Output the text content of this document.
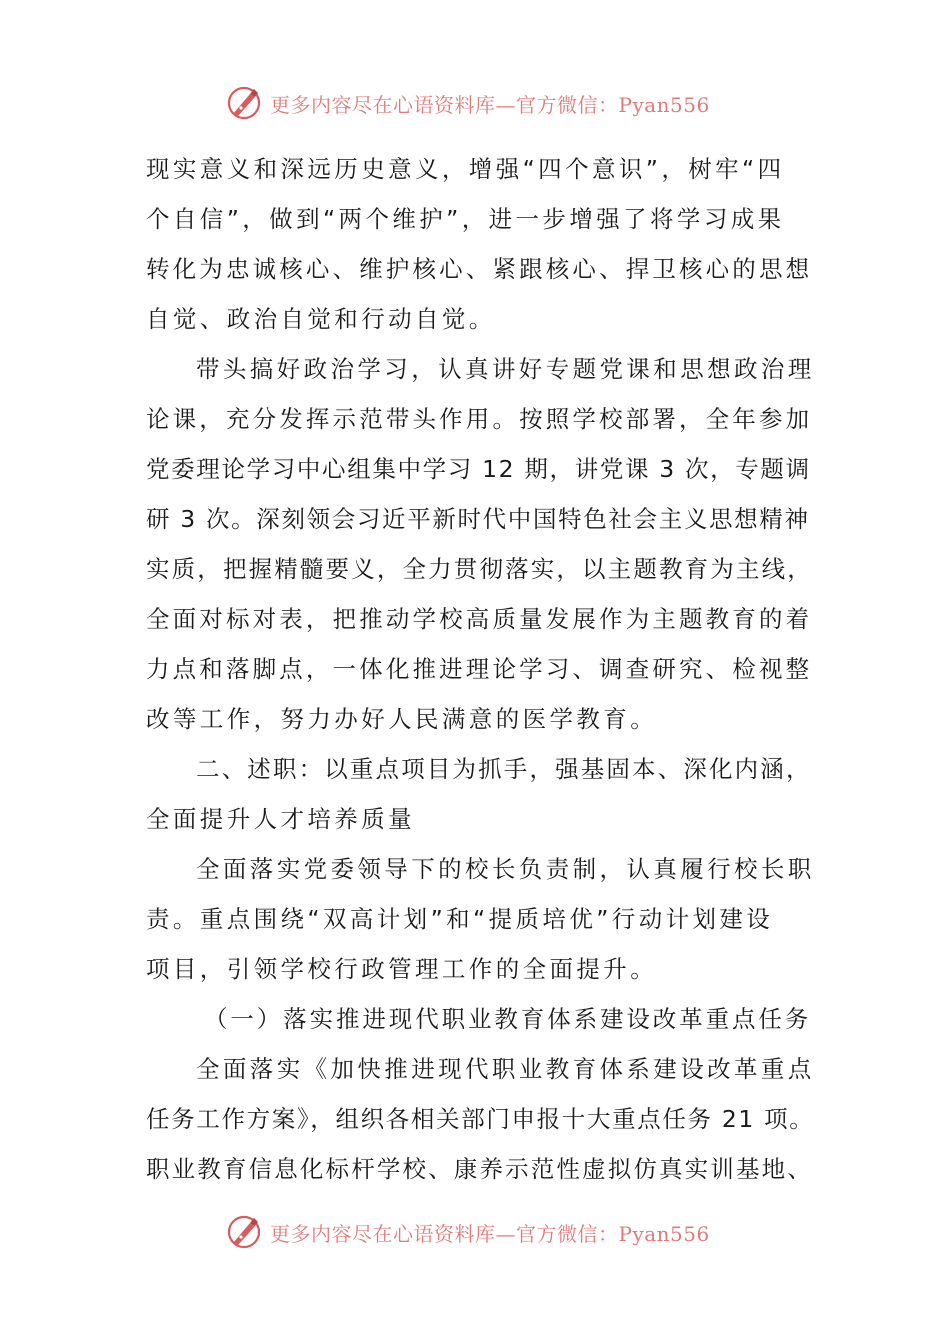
更多内容尽在心语资料库—官方微信：Pyan556
现实意义和深远历史意义，增强“四个意识”，树牢“四
个自信”，做到“两个维护”，进一步增强了将学习成果
转化为忠诚核心、维护核心、紧跟核心、捍卫核心的思想
自觉、政治自觉和行动自觉。
带头搞好政治学习，认真讲好专题党课和思想政治理
论课，充分发挥示范带头作用。按照学校部署，全年参加
党委理论学习中心组集中学习 12 期，讲党课 3 次，专题调
研 3 次。深刻领会习近平新时代中国特色社会主义思想精神
实质，把握精髓要义，全力贯彻落实，以主题教育为主线，
全面对标对表，把推动学校高质量发展作为主题教育的着
力点和落脚点，一体化推进理论学习、调查研究、检视整
改等工作，努力办好人民满意的医学教育。
二、述职：以重点项目为抓手，强基固本、深化内涵，
全面提升人才培养质量
全面落实党委领导下的校长负责制，认真履行校长职
责。重点围绕“双高计划”和“提质培优”行动计划建设
项目，引领学校行政管理工作的全面提升。
（一）落实推进现代职业教育体系建设改革重点任务
全面落实《加快推进现代职业教育体系建设改革重点
任务工作方案》，组织各相关部门申报十大重点任务 21 项。
职业教育信息化标杆学校、康养示范性虚拟仿真实训基地、
更多内容尽在心语资料库—官方微信：Pyan556
